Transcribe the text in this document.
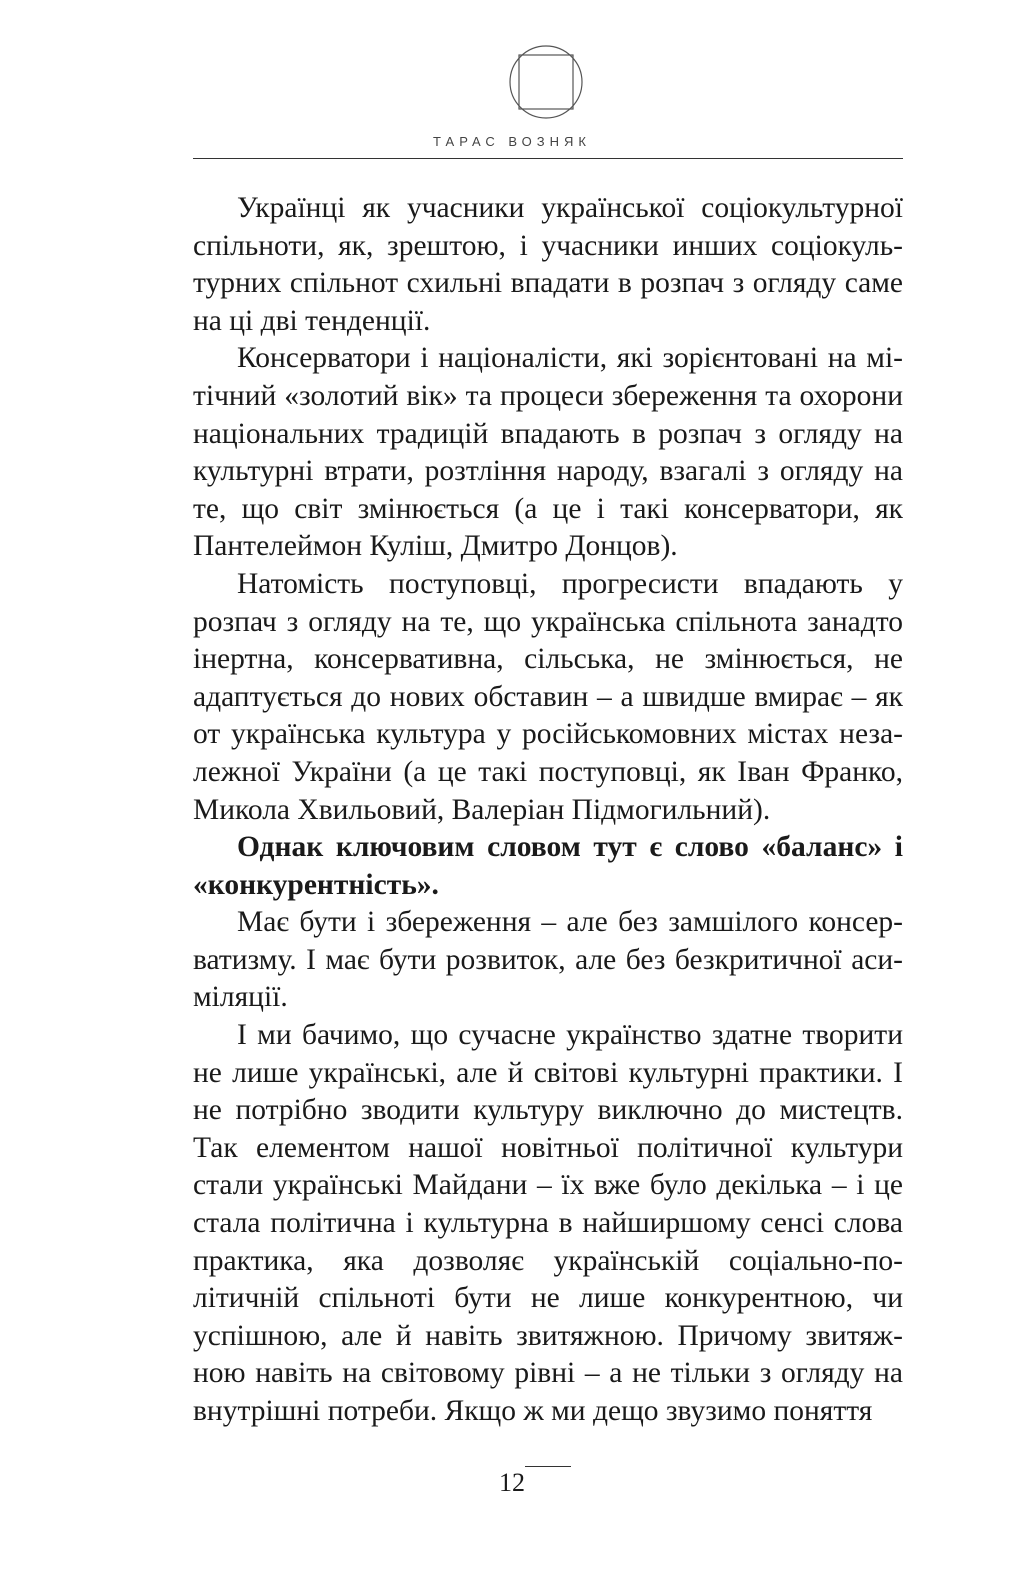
ТАРАС ВОЗНЯК

Українці як учасники української соціокультурної спільноти, як, зрештою, і учасники инших соціокультурних спільнот схильні впадати в розпач з огляду саме на ці дві тенденції.

Консерватори і націоналісти, які зорієнтовані на мітічний «золотий вік» та процеси збереження та охорони національних традицій впадають в розпач з огляду на культурні втрати, розтління народу, взагалі з огляду на те, що світ змінюється (а це і такі консерватори, як Пантелеймон Куліш, Дмитро Донцов).

Натомість поступовці, прогресисти впадають у розпач з огляду на те, що українська спільнота занадто інертна, консервативна, сільська, не змінюється, не адаптується до нових обставин – а швидше вмирає – як от українська культура у російськомовних містах незалежної України (а це такі поступовці, як Іван Франко, Микола Хвильовий, Валеріан Підмогильний).

Однак ключовим словом тут є слово «баланс» і «конкурентність».

Має бути і збереження – але без замшілого консерватизму. І має бути розвиток, але без безкритичної асиміляції.

І ми бачимо, що сучасне українство здатне творити не лише українські, але й світові культурні практики. І не потрібно зводити культуру виключно до мистецтв. Так елементом нашої новітньої політичної культури стали українські Майдани – їх вже було декілька – і це стала політична і культурна в найширшому сенсі слова практика, яка дозволяє українській соціально-політичній спільноті бути не лише конкурентною, чи успішною, але й навіть звитяжною. Причому звитяжною навіть на світовому рівні – а не тільки з огляду на внутрішні потреби. Якщо ж ми дещо звузимо поняття

12
